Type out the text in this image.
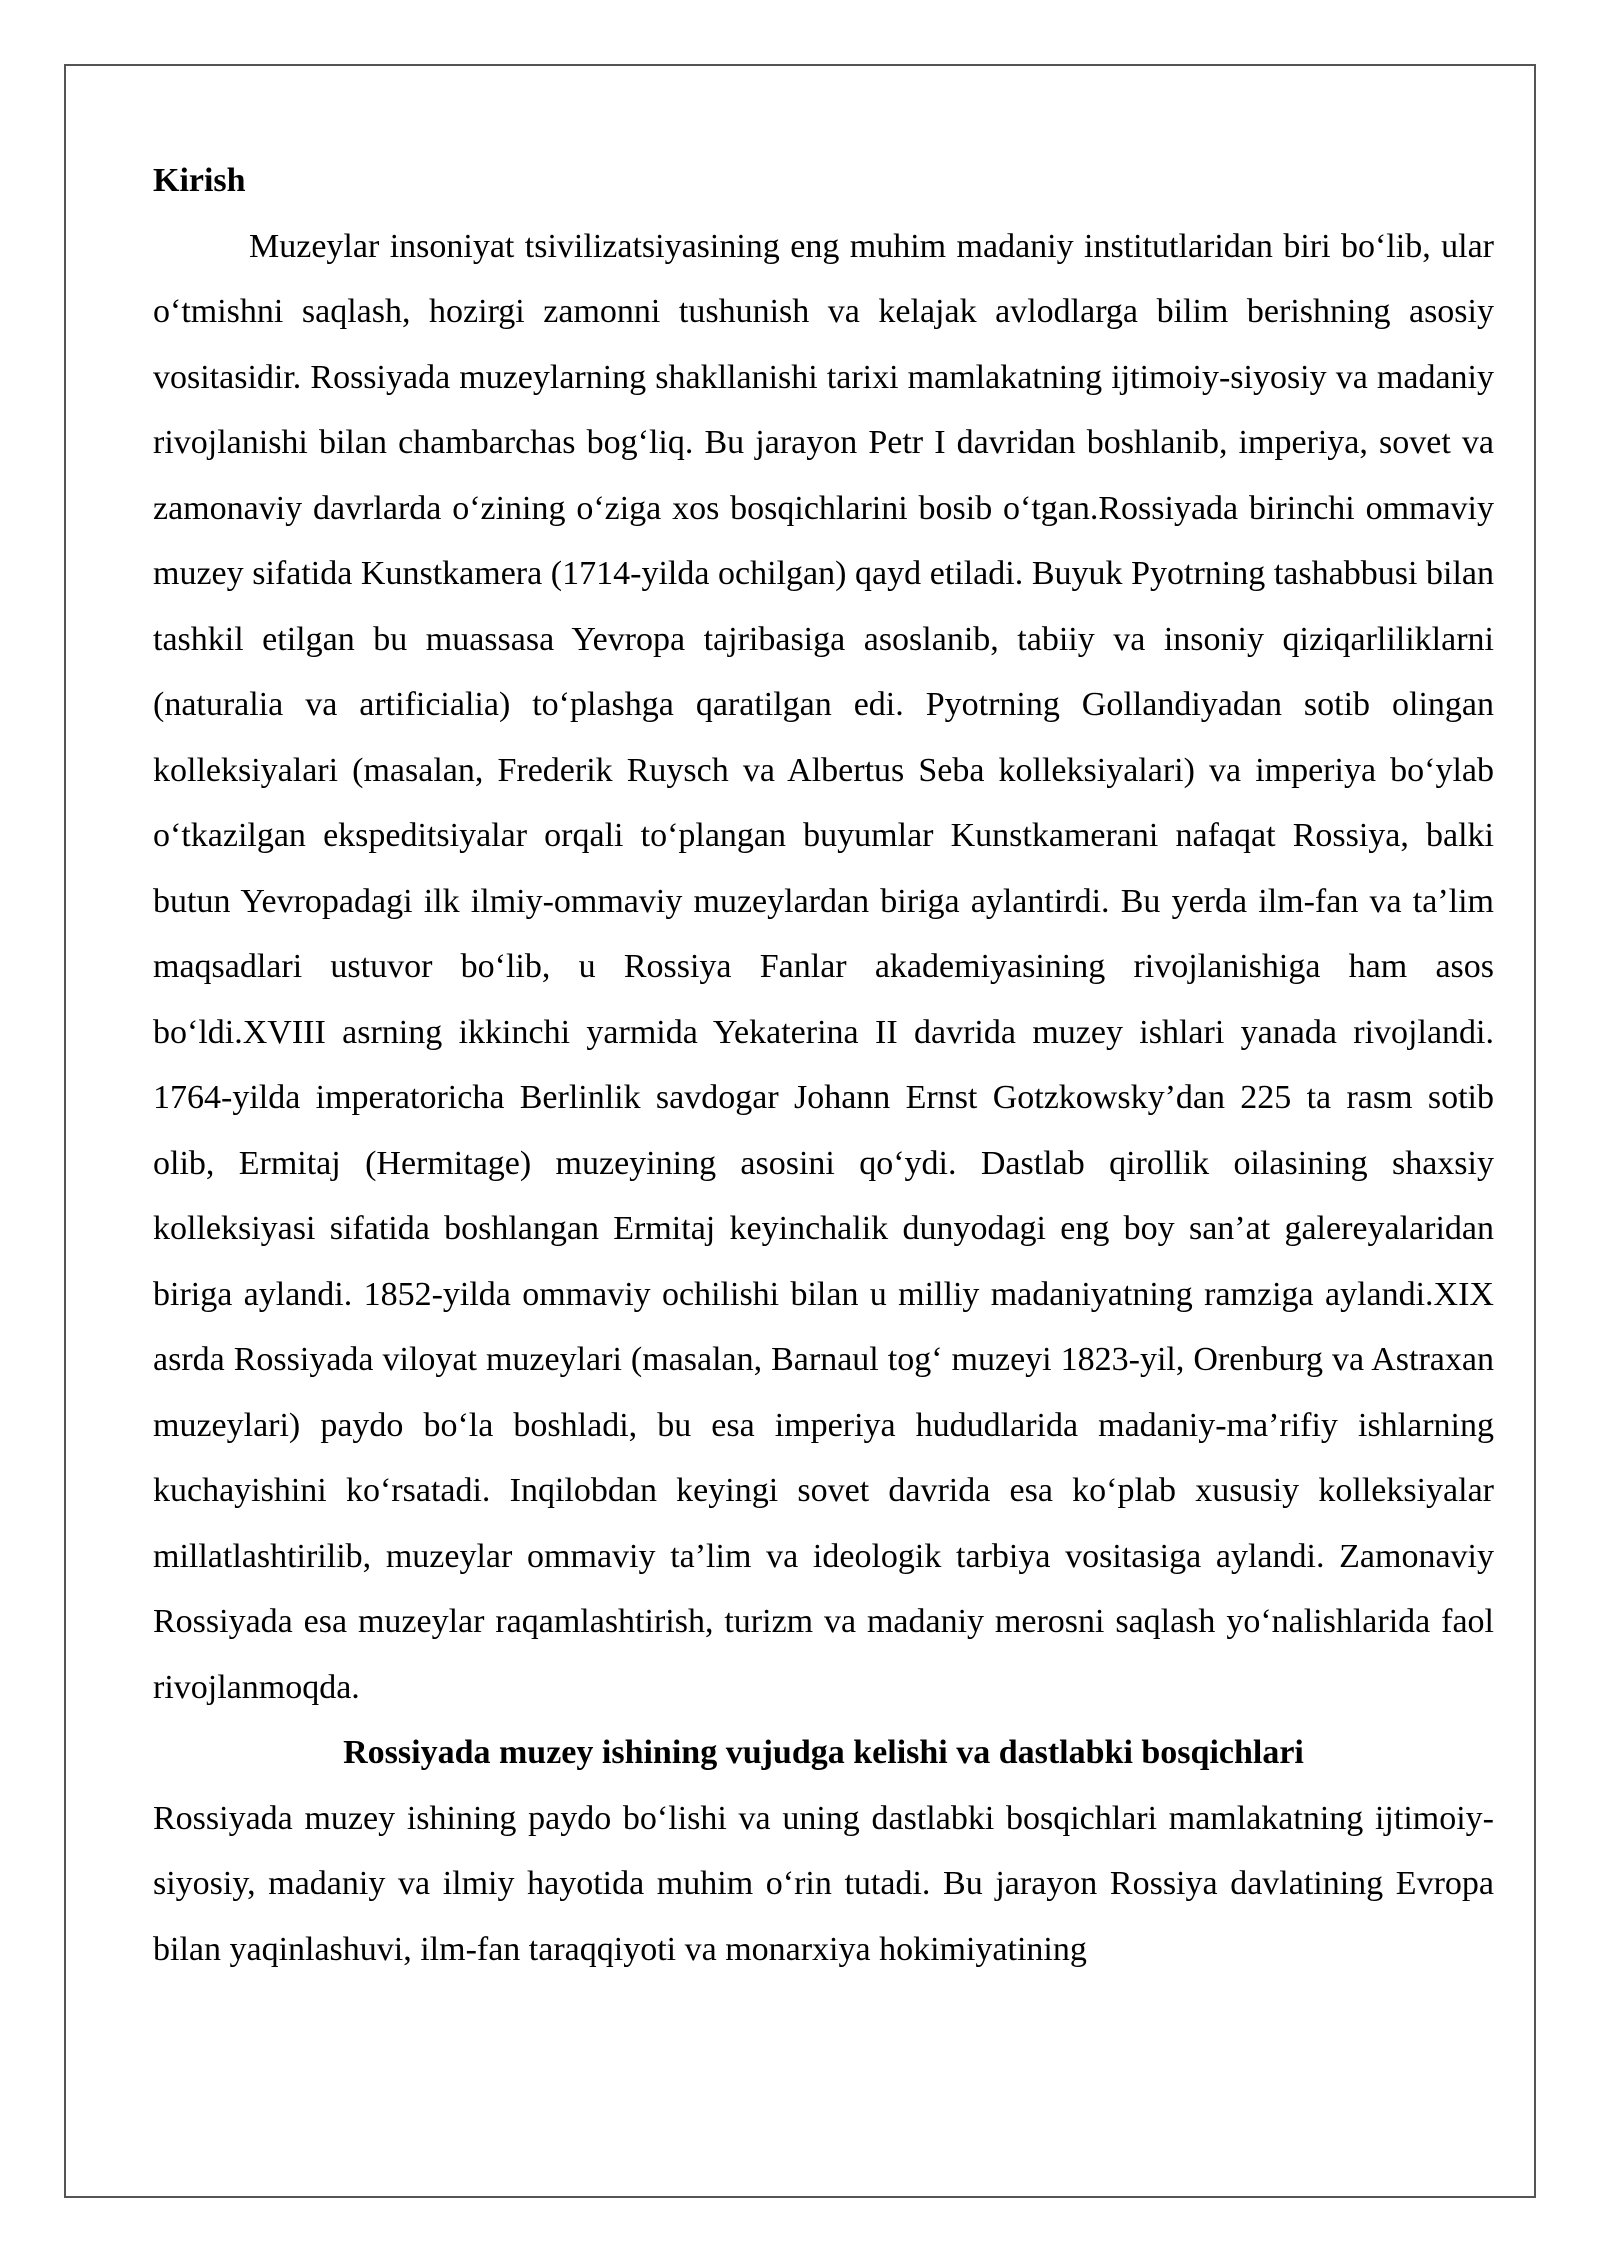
Kirish

Muzeylar insoniyat tsivilizatsiyasining eng muhim madaniy institutlaridan biri bo‘lib, ular o‘tmishni saqlash, hozirgi zamonni tushunish va kelajak avlodlarga bilim berishning asosiy vositasidir. Rossiyada muzeylarning shakllanishi tarixi mamlakatning ijtimoiy-siyosiy va madaniy rivojlanishi bilan chambarchas bog‘liq. Bu jarayon Petr I davridan boshlanib, imperiya, sovet va zamonaviy davrlarda o‘zining o‘ziga xos bosqichlarini bosib o‘tgan.Rossiyada birinchi ommaviy muzey sifatida Kunstkamera (1714-yilda ochilgan) qayd etiladi. Buyuk Pyotrning tashabbusi bilan tashkil etilgan bu muassasa Yevropa tajribasiga asoslanib, tabiiy va insoniy qiziqarliliklarni (naturalia va artificialia) to‘plashga qaratilgan edi. Pyotrning Gollandiyadan sotib olingan kolleksiyalari (masalan, Frederik Ruysch va Albertus Seba kolleksiyalari) va imperiya bo‘ylab o‘tkazilgan ekspeditsiyalar orqali to‘plangan buyumlar Kunstkamerani nafaqat Rossiya, balki butun Yevropadagi ilk ilmiy-ommaviy muzeylardan biriga aylantirdi. Bu yerda ilm-fan va ta’lim maqsadlari ustuvor bo‘lib, u Rossiya Fanlar akademiyasining rivojlanishiga ham asos bo‘ldi.XVIII asrning ikkinchi yarmida Yekaterina II davrida muzey ishlari yanada rivojlandi. 1764-yilda imperatoricha Berlinlik savdogar Johann Ernst Gotzkowsky’dan 225 ta rasm sotib olib, Ermitaj (Hermitage) muzeyining asosini qo‘ydi. Dastlab qirollik oilasining shaxsiy kolleksiyasi sifatida boshlangan Ermitaj keyinchalik dunyodagi eng boy san’at galereyalaridan biriga aylandi. 1852-yilda ommaviy ochilishi bilan u milliy madaniyatning ramziga aylandi.XIX asrda Rossiyada viloyat muzeylari (masalan, Barnaul tog‘ muzeyi 1823-yil, Orenburg va Astraxan muzeylari) paydo bo‘la boshladi, bu esa imperiya hududlarida madaniy-ma’rifiy ishlarning kuchayishini ko‘rsatadi. Inqilobdan keyingi sovet davrida esa ko‘plab xususiy kolleksiyalar millatlashtirilib, muzeylar ommaviy ta’lim va ideologik tarbiya vositasiga aylandi. Zamonaviy Rossiyada esa muzeylar raqamlashtirish, turizm va madaniy merosni saqlash yo‘nalishlarida faol rivojlanmoqda.

Rossiyada muzey ishining vujudga kelishi va dastlabki bosqichlari

Rossiyada muzey ishining paydo bo‘lishi va uning dastlabki bosqichlari mamlakatning ijtimoiy-siyosiy, madaniy va ilmiy hayotida muhim o‘rin tutadi. Bu jarayon Rossiya davlatining Evropa bilan yaqinlashuvi, ilm-fan taraqqiyoti va monarxiya hokimiyatining
